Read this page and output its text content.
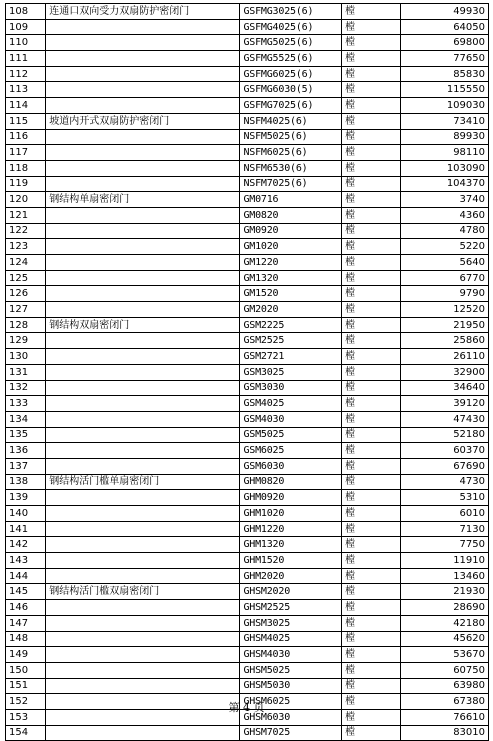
108	连通口双向受力双扇防护密闭门	GSFMG3025(6)	樘	49930
109		GSFMG4025(6)	樘	64050
110		GSFMG5025(6)	樘	69800
111		GSFMG5525(6)	樘	77650
112		GSFMG6025(6)	樘	85830
113		GSFMG6030(5)	樘	115550
114		GSFMG7025(6)	樘	109030
115	坡道内开式双扇防护密闭门	NSFM4025(6)	樘	73410
116		NSFM5025(6)	樘	89930
117		NSFM6025(6)	樘	98110
118		NSFM6530(6)	樘	103090
119		NSFM7025(6)	樘	104370
120	钢结构单扇密闭门	GM0716	樘	3740
121		GM0820	樘	4360
122		GM0920	樘	4780
123		GM1020	樘	5220
124		GM1220	樘	5640
125		GM1320	樘	6770
126		GM1520	樘	9790
127		GM2020	樘	12520
128	钢结构双扇密闭门	GSM2225	樘	21950
129		GSM2525	樘	25860
130		GSM2721	樘	26110
131		GSM3025	樘	32900
132		GSM3030	樘	34640
133		GSM4025	樘	39120
134		GSM4030	樘	47430
135		GSM5025	樘	52180
136		GSM6025	樘	60370
137		GSM6030	樘	67690
138	钢结构活门槛单扇密闭门	GHM0820	樘	4730
139		GHM0920	樘	5310
140		GHM1020	樘	6010
141		GHM1220	樘	7130
142		GHM1320	樘	7750
143		GHM1520	樘	11910
144		GHM2020	樘	13460
145	钢结构活门槛双扇密闭门	GHSM2020	樘	21930
146		GHSM2525	樘	28690
147		GHSM3025	樘	42180
148		GHSM4025	樘	45620
149		GHSM4030	樘	53670
150		GHSM5025	樘	60750
151		GHSM5030	樘	63980
152		GHSM6025	樘	67380
153		GHSM6030	樘	76610
154		GHSM7025	樘	83010
第 4 页
